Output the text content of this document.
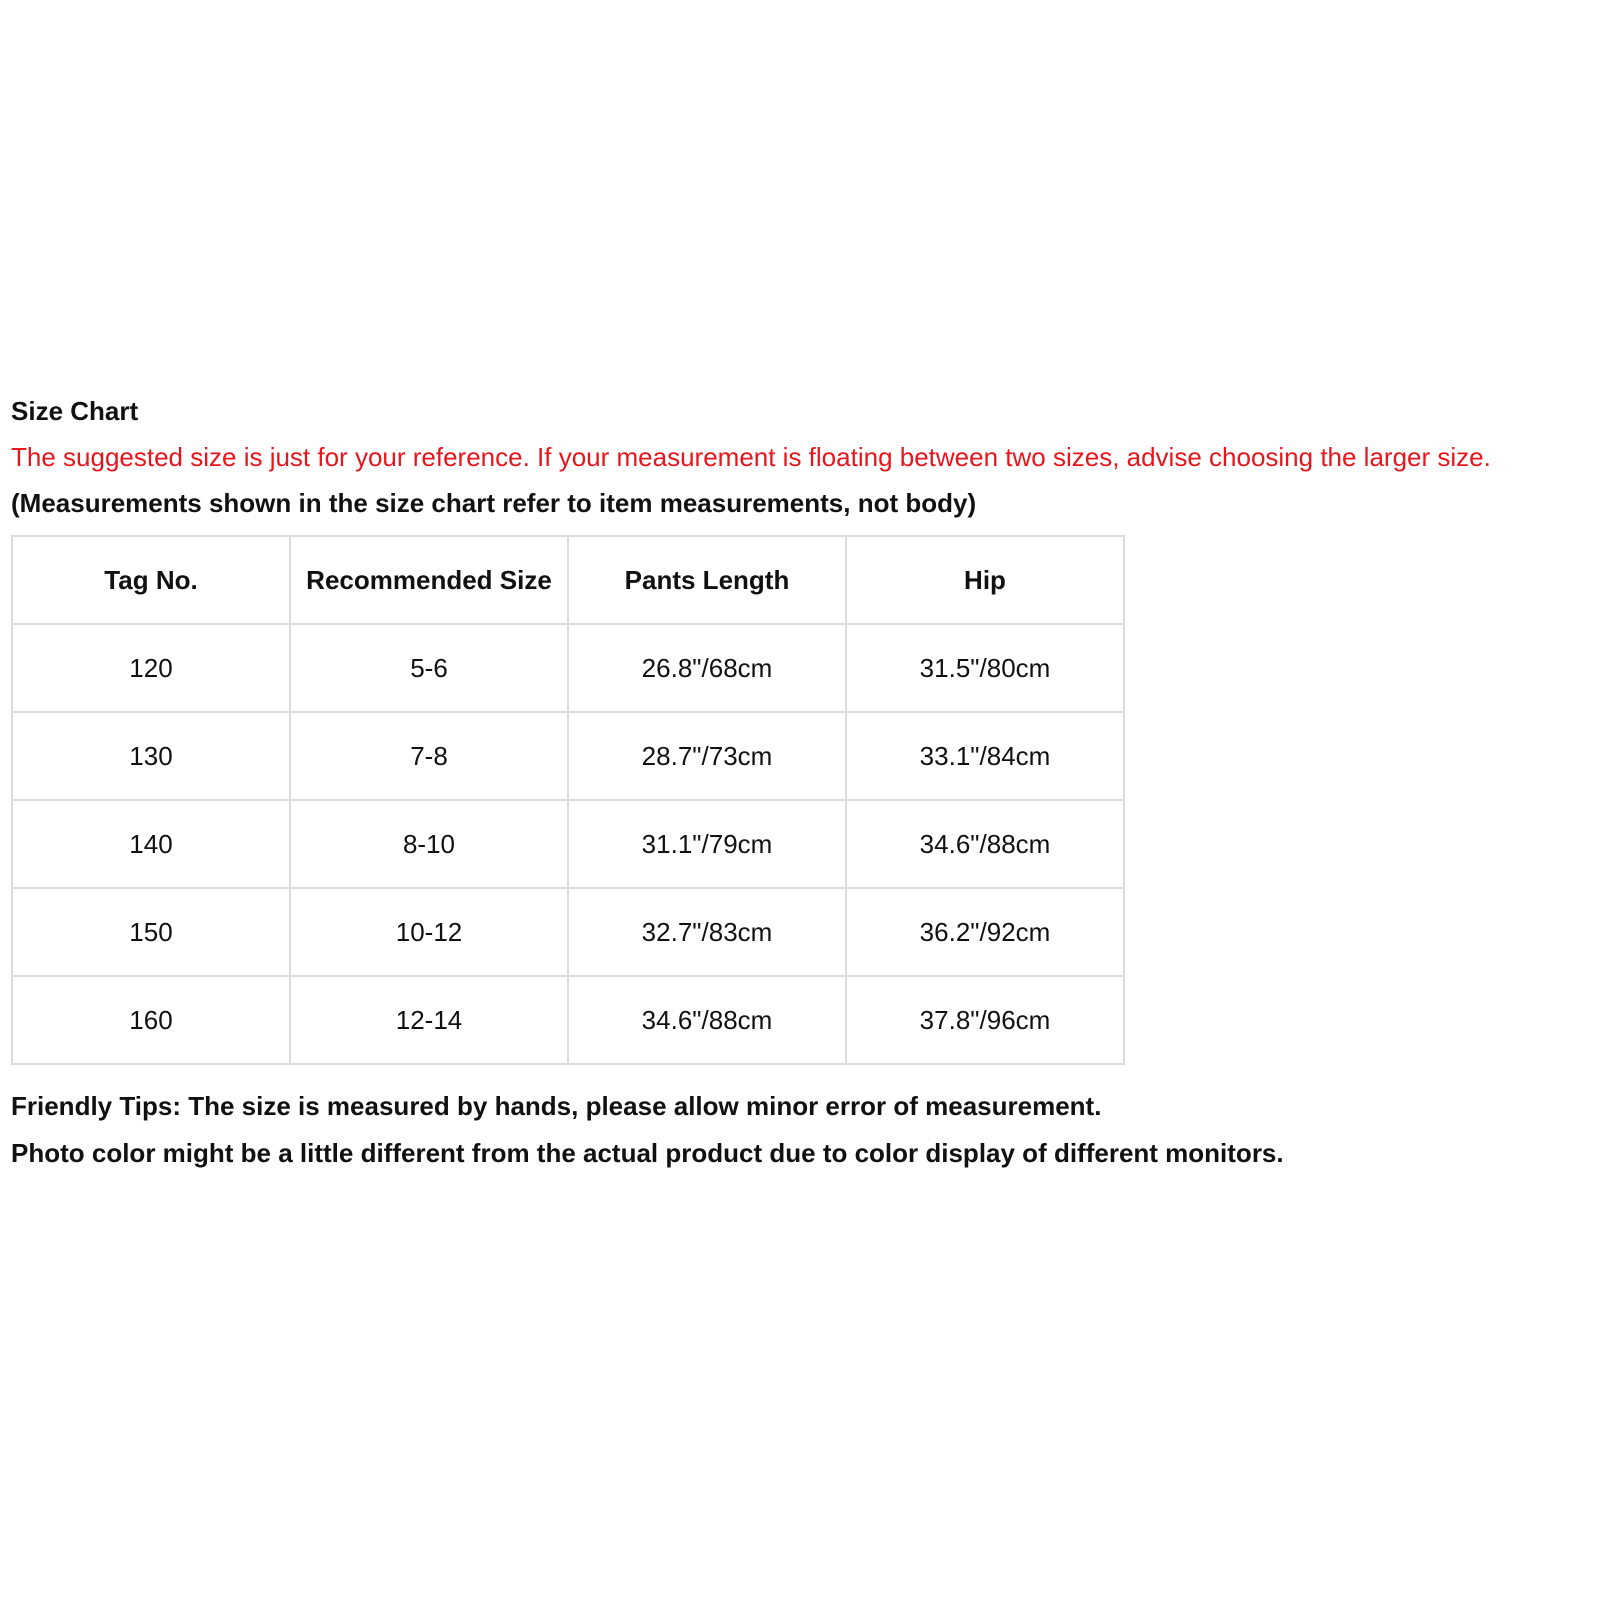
Size Chart
The suggested size is just for your reference. If your measurement is floating between two sizes, advise choosing the larger size.
(Measurements shown in the size chart refer to item measurements, not body)
Tag No.	Recommended Size	Pants Length	Hip
120	5-6	26.8"/68cm	31.5"/80cm
130	7-8	28.7"/73cm	33.1"/84cm
140	8-10	31.1"/79cm	34.6"/88cm
150	10-12	32.7"/83cm	36.2"/92cm
160	12-14	34.6"/88cm	37.8"/96cm
Friendly Tips: The size is measured by hands, please allow minor error of measurement.
Photo color might be a little different from the actual product due to color display of different monitors.
